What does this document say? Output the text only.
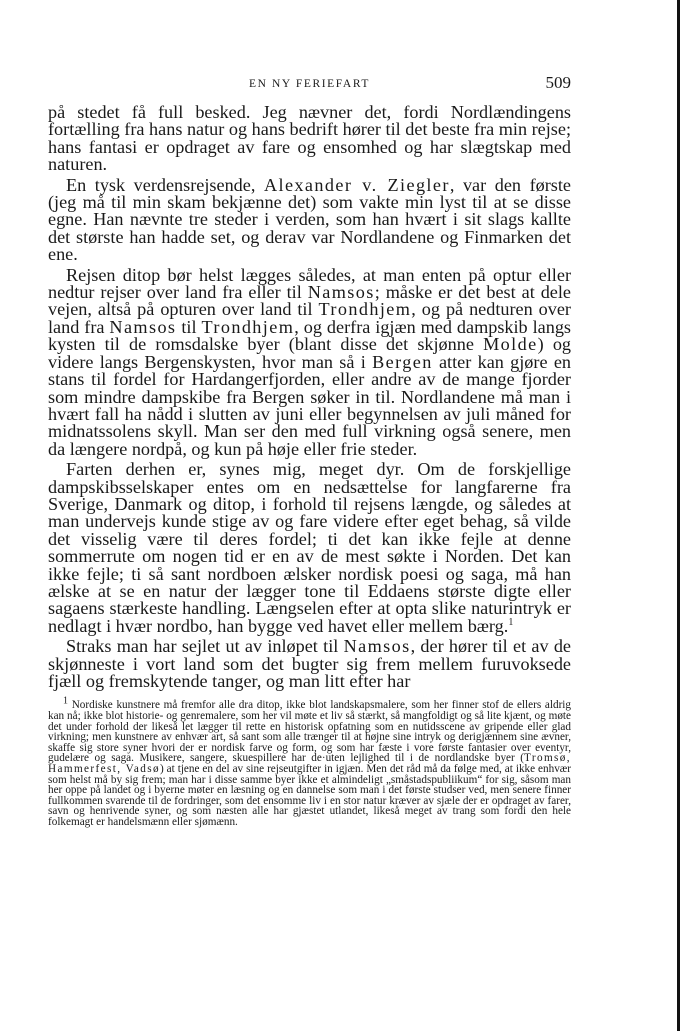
EN NY FERIEFART	509

på stedet få full besked. Jeg nævner det, fordi Nordlændingens fortælling fra hans natur og hans bedrift hører til det beste fra min rejse; hans fantasi er opdraget av fare og ensomhed og har slægtskap med naturen.

En tysk verdensrejsende, Alexander v. Ziegler, var den første (jeg må til min skam bekjænne det) som vakte min lyst til at se disse egne. Han nævnte tre steder i verden, som han hvært i sit slags kallte det største han hadde set, og derav var Nordlandene og Finmarken det ene.

Rejsen ditop bør helst lægges således, at man enten på optur eller nedtur rejser over land fra eller til Namsos; måske er det best at dele vejen, altså på opturen over land til Trondhjem, og på nedturen over land fra Namsos til Trondhjem, og derfra igjæn med dampskib langs kysten til de romsdalske byer (blant disse det skjønne Molde) og videre langs Bergenskysten, hvor man så i Bergen atter kan gjøre en stans til fordel for Hardangerfjorden, eller andre av de mange fjorder som mindre dampskibe fra Bergen søker in til. Nordlandene må man i hvært fall ha nådd i slutten av juni eller begynnelsen av juli måned for midnatssolens skyll. Man ser den med full virkning også senere, men da længere nordpå, og kun på høje eller frie steder.

Farten derhen er, synes mig, meget dyr. Om de forskjellige dampskibsselskaper entes om en nedsættelse for langfarerne fra Sverige, Danmark og ditop, i forhold til rejsens længde, og således at man undervejs kunde stige av og fare videre efter eget behag, så vilde det visselig være til deres fordel; ti det kan ikke fejle at denne sommerrute om nogen tid er en av de mest søkte i Norden. Det kan ikke fejle; ti så sant nordboen ælsker nordisk poesi og saga, må han ælske at se en natur der lægger tone til Eddaens største digte eller sagaens stærkeste handling. Længselen efter at opta slike naturintryk er nedlagt i hvær nordbo, han bygge ved havet eller mellem bærg.$^1$

Straks man har sejlet ut av inløpet til Namsos, der hører til et av de skjønneste i vort land som det bugter sig frem mellem furuvoksede fjæll og fremskytende tanger, og man litt efter har

$^1$ Nordiske kunstnere må fremfor alle dra ditop, ikke blot landskapsmalere, som her finner stof de ellers aldrig kan nå; ikke blot historie- og genremalere, som her vil møte et liv så stærkt, så mangfoldigt og så lite kjænt, og møte det under forhold der likeså let lægger til rette en historisk opfatning som en nutidsscene av gripende eller glad virkning; men kunstnere av enhvær art, så sant som alle trænger til at højne sine intryk og derigjænnem sine ævner, skaffe sig store syner hvori der er nordisk farve og form, og som har fæste i vore første fantasier over eventyr, gudelære og saga. Musikere, sangere, skuespillere har de·uten lejlighed til i de nordlandske byer (Tromsø, Hammerfest, Vadsø) at tjene en del av sine rejseutgifter in igjæn. Men det råd må da følge med, at ikke enhvær som helst må by sig frem; man har i disse samme byer ikke et almindeligt „småstadspubliikum“ for sig, såsom man her oppe på landet og i byerne møter en læsning og en dannelse som man i det første studser ved, men senere finner fullkommen svarende til de fordringer, som det ensomme liv i en stor natur kræver av sjæle der er opdraget av farer, savn og henrivende syner, og som næsten alle har gjæstet utlandet, likeså meget av trang som fordi den hele folkemagt er handelsmænn eller sjømænn.
